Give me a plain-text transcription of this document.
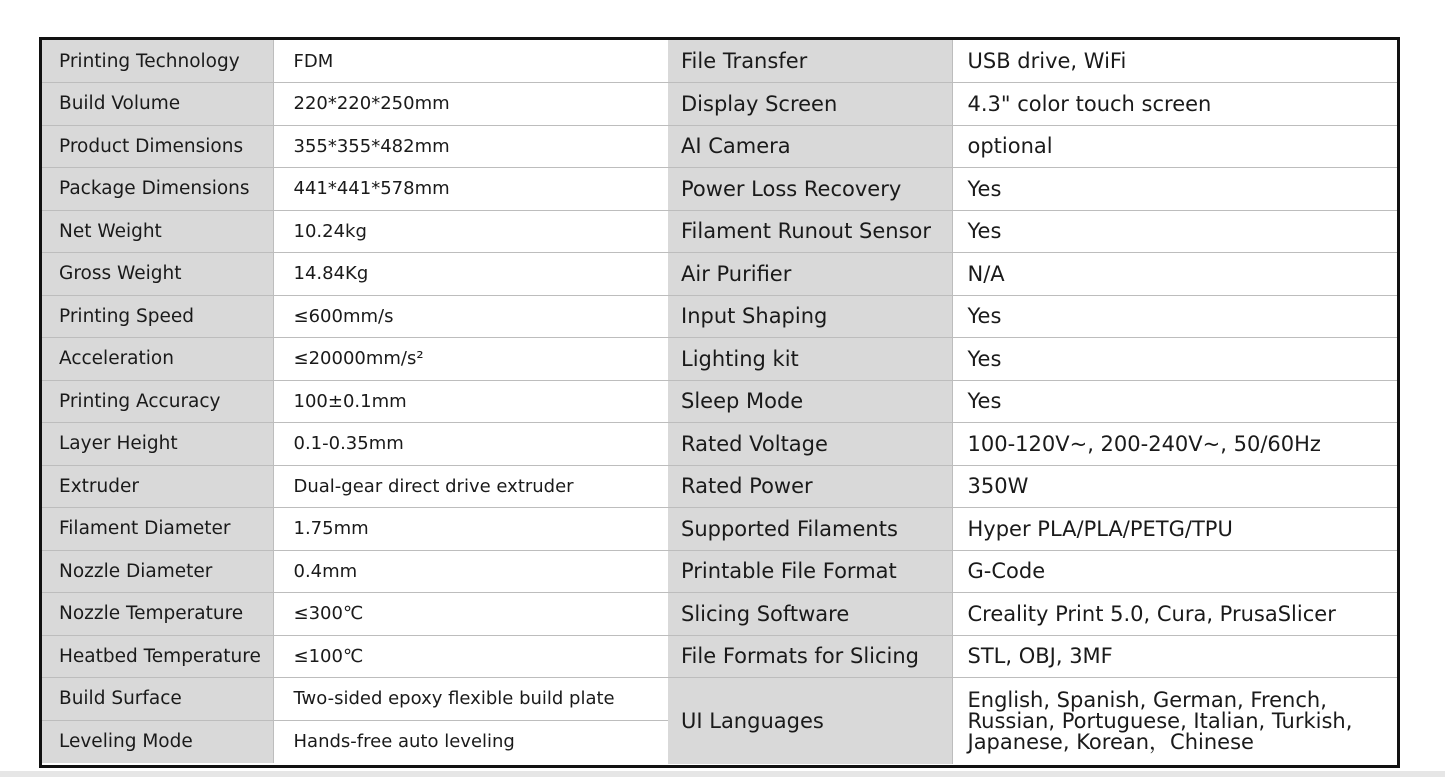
Printing Technology	FDM
Build Volume	220*220*250mm
Product Dimensions	355*355*482mm
Package Dimensions	441*441*578mm
Net Weight	10.24kg
Gross Weight	14.84Kg
Printing Speed	≤600mm/s
Acceleration	≤20000mm/s²
Printing Accuracy	100±0.1mm
Layer Height	0.1-0.35mm
Extruder	Dual-gear direct drive extruder
Filament Diameter	1.75mm
Nozzle Diameter	0.4mm
Nozzle Temperature	≤300℃
Heatbed Temperature	≤100℃
Build Surface	Two-sided epoxy flexible build plate
Leveling Mode	Hands-free auto leveling
File Transfer	USB drive, WiFi
Display Screen	4.3" color touch screen
AI Camera	optional
Power Loss Recovery	Yes
Filament Runout Sensor	Yes
Air Purifier	N/A
Input Shaping	Yes
Lighting kit	Yes
Sleep Mode	Yes
Rated Voltage	100-120V~, 200-240V~, 50/60Hz
Rated Power	350W
Supported Filaments	Hyper PLA/PLA/PETG/TPU
Printable File Format	G-Code
Slicing Software	Creality Print 5.0, Cura, PrusaSlicer
File Formats for Slicing	STL, OBJ, 3MF
UI Languages	English, Spanish, German, French, Russian, Portuguese, Italian, Turkish, Japanese, Korean，Chinese
